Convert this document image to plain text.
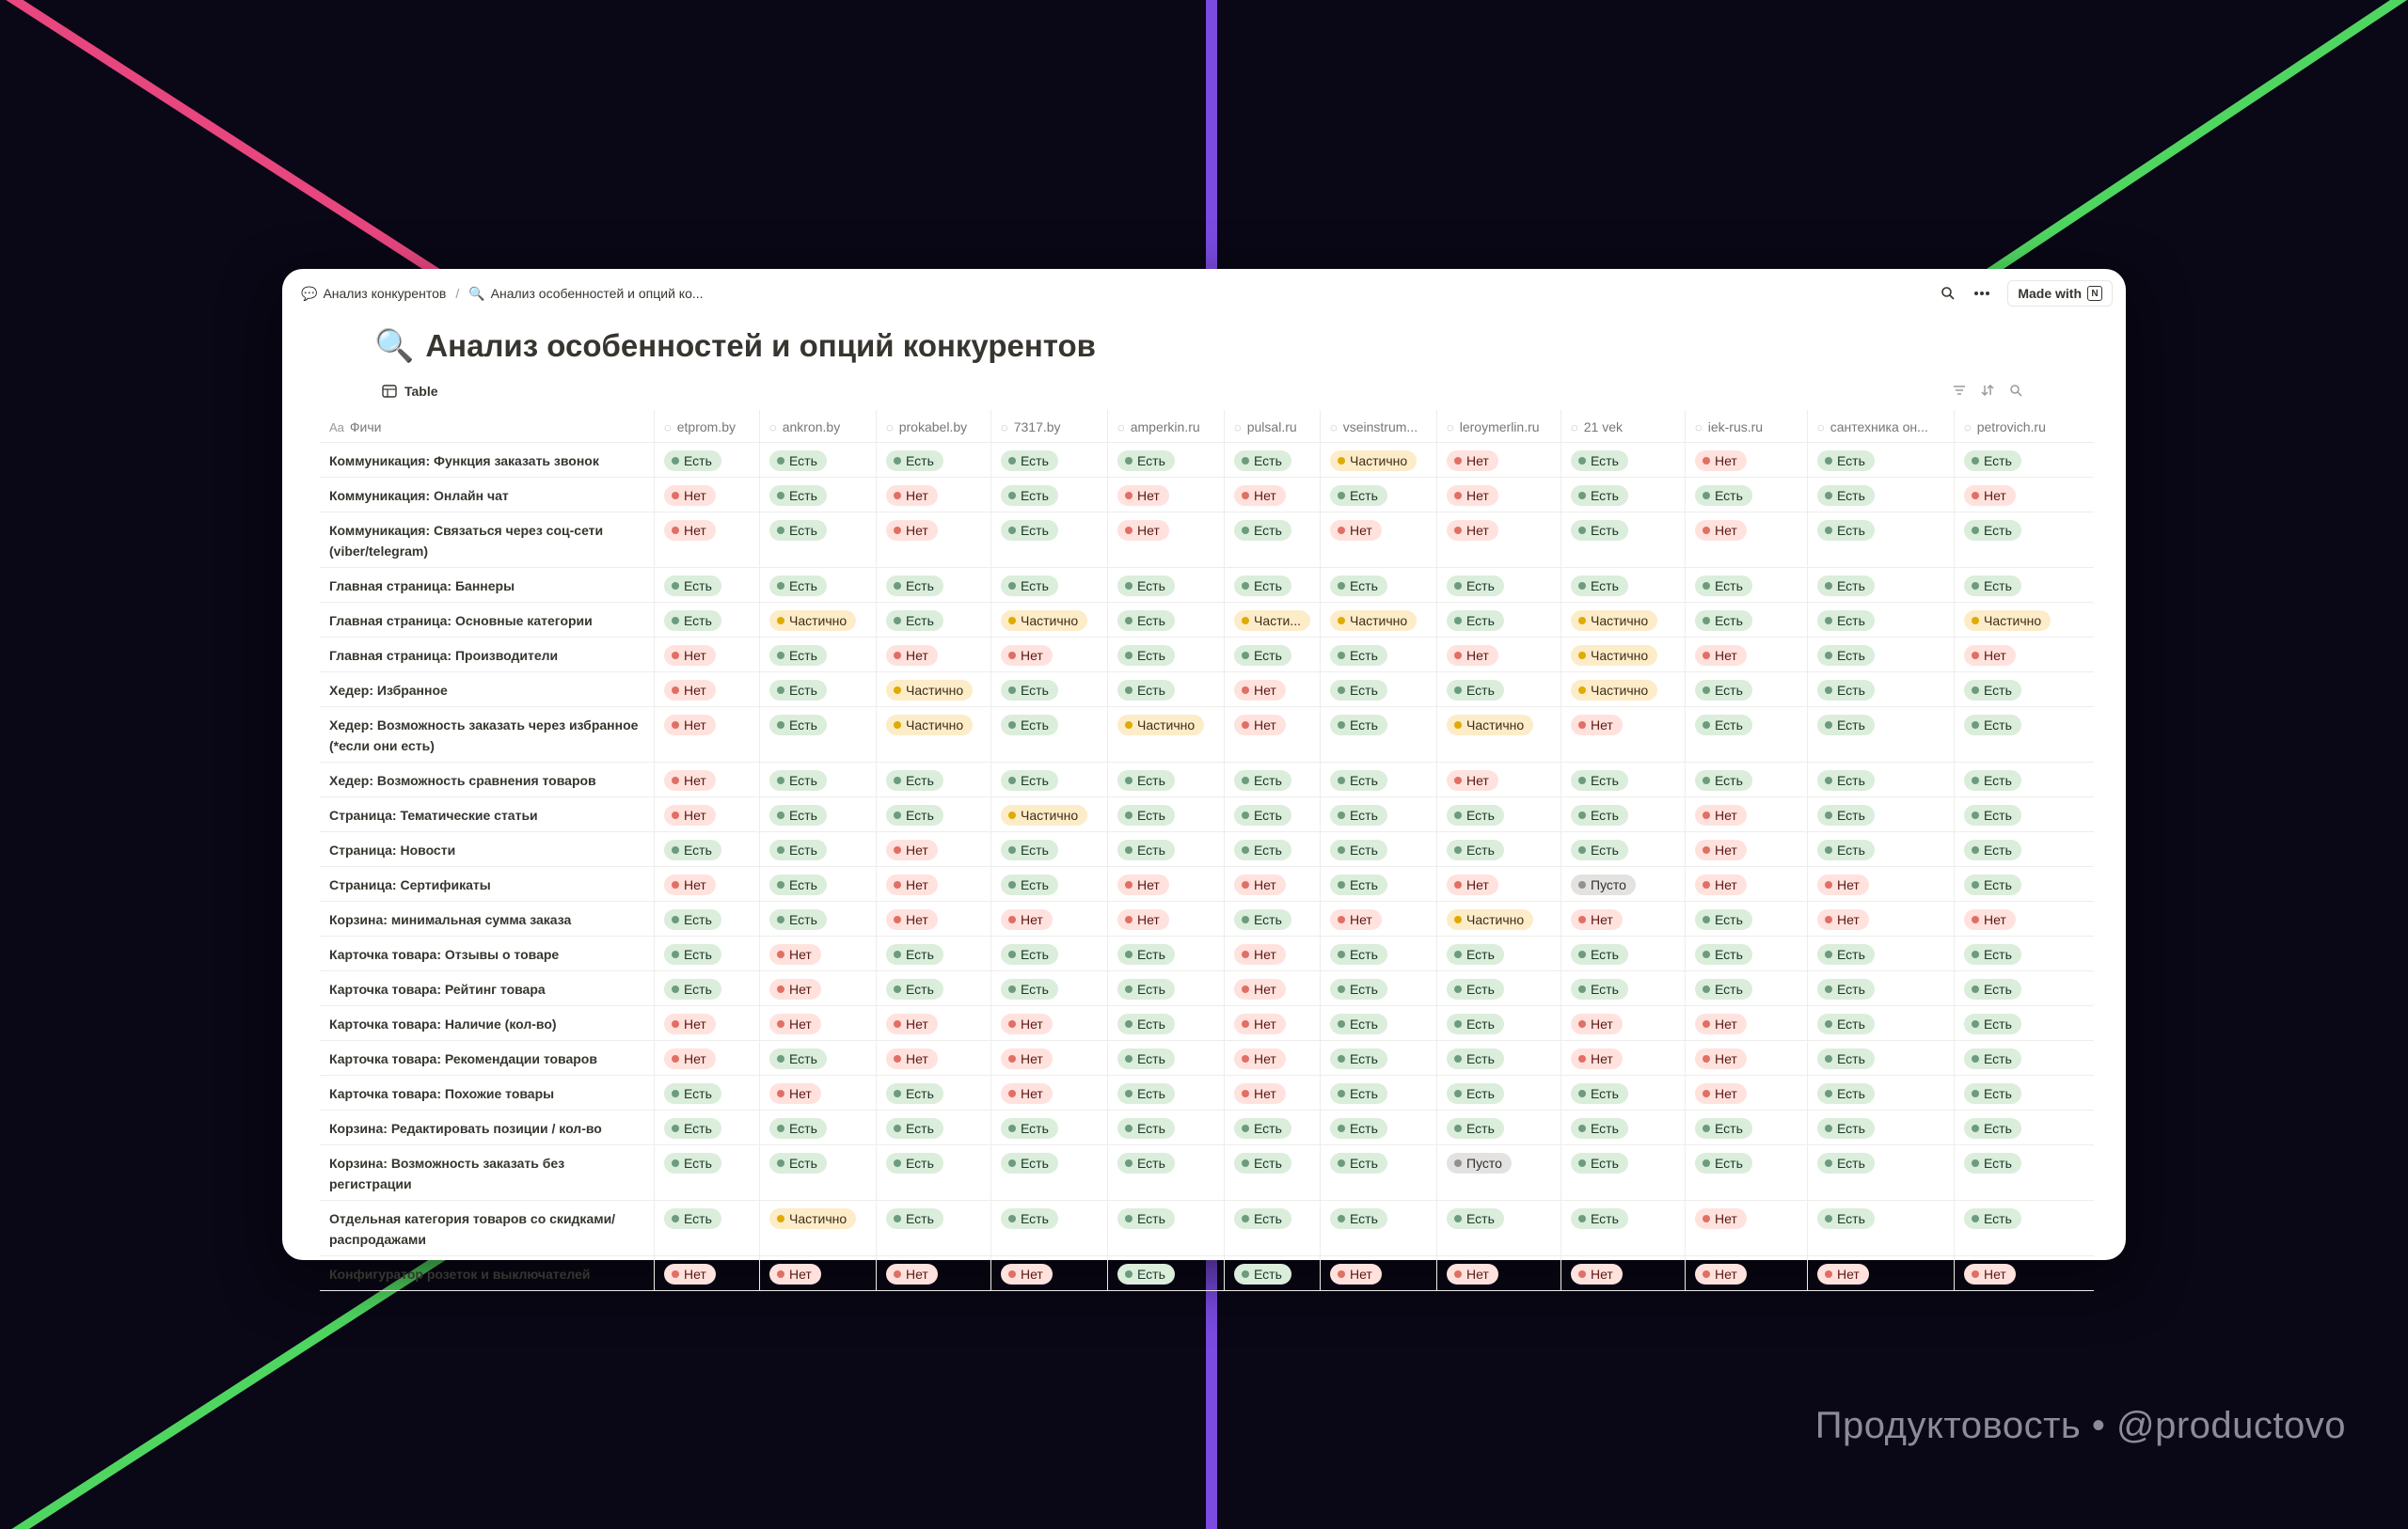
💬 Анализ конкурентов / 🔍 Анализ особенностей и опций ко...	Made with	N
🔍 Анализ особенностей и опций конкурентов
Table
Aa Фичи	◌ etprom.by	◌ ankron.by	◌ prokabel.by	◌ 7317.by	◌ amperkin.ru	◌ pulsal.ru	◌ vseinstrum... ◌ leroymerlin.ru	◌ 21 vek	◌ iek-rus.ru	◌ сантехника он...	◌ petrovich.ru
Коммуникация: Функция заказать звонок	Есть	Есть	Есть	Есть	Есть	Есть	Частично	Нет	Есть	Нет	Есть	Есть
Коммуникация: Онлайн чат	Нет	Есть	Нет	Есть	Нет	Нет	Есть	Нет	Есть	Есть	Есть	Нет
Коммуникация: Связаться через соц-сети (viber/telegram)
Нет	Есть	Нет	Есть	Нет	Есть	Нет	Нет	Есть	Нет	Есть	Есть
Главная страница: Баннеры	Есть	Есть	Есть	Есть	Есть	Есть	Есть	Есть	Есть	Есть	Есть	Есть
Главная страница: Основные категории	Есть	Частично	Есть	Частично	Есть	Части...	Частично	Есть	Частично	Есть	Есть	Частично
Главная страница: Производители	Нет	Есть	Нет	Нет	Есть	Есть	Есть	Нет	Частично	Нет	Есть	Нет
Хедер: Избранное	Нет	Есть	Частично	Есть	Есть	Нет	Есть	Есть	Частично	Есть	Есть	Есть
Хедер: Возможность заказать через избранное (*если они есть)
Нет	Есть	Частично	Есть	Частично	Нет	Есть	Частично	Нет	Есть	Есть	Есть
Хедер: Возможность сравнения товаров	Нет	Есть	Есть	Есть	Есть	Есть	Есть	Нет	Есть	Есть	Есть	Есть
Страница: Тематические статьи	Нет	Есть	Есть	Частично	Есть	Есть	Есть	Есть	Есть	Нет	Есть	Есть
Страница: Новости	Есть	Есть	Нет	Есть	Есть	Есть	Есть	Есть	Есть	Нет	Есть	Есть
Страница: Сертификаты	Нет	Есть	Нет	Есть	Нет	Нет	Есть	Нет	Пусто	Нет	Нет	Есть
Корзина: минимальная сумма заказа	Есть	Есть	Нет	Нет	Нет	Есть	Нет	Частично	Нет	Есть	Нет	Нет
Карточка товара: Отзывы о товаре	Есть	Нет	Есть	Есть	Есть	Нет	Есть	Есть	Есть	Есть	Есть	Есть
Карточка товара: Рейтинг товара	Есть	Нет	Есть	Есть	Есть	Нет	Есть	Есть	Есть	Есть	Есть	Есть
Карточка товара: Наличие (кол-во)	Нет	Нет	Нет	Нет	Есть	Нет	Есть	Есть	Нет	Нет	Есть	Есть
Карточка товара: Рекомендации товаров	Нет	Есть	Нет	Нет	Есть	Нет	Есть	Есть	Нет	Нет	Есть	Есть
Карточка товара: Похожие товары	Есть	Нет	Есть	Нет	Есть	Нет	Есть	Есть	Есть	Нет	Есть	Есть
Корзина: Редактировать позиции / кол-во	Есть	Есть	Есть	Есть	Есть	Есть	Есть	Есть	Есть	Есть	Есть	Есть
Корзина: Возможность заказать без регистрации
Есть	Есть	Есть	Есть	Есть	Есть	Есть	Пусто	Есть	Есть	Есть	Есть
Отдельная категория товаров со скидками/ распродажами
Есть	Частично	Есть	Есть	Есть	Есть	Есть	Есть	Есть	Нет	Есть	Есть
Конфигуратор розеток и выключателей	Нет	Нет	Нет	Нет	Есть	Есть	Нет	Нет	Нет	Нет	Нет	Нет
Продуктовость • @productovo
